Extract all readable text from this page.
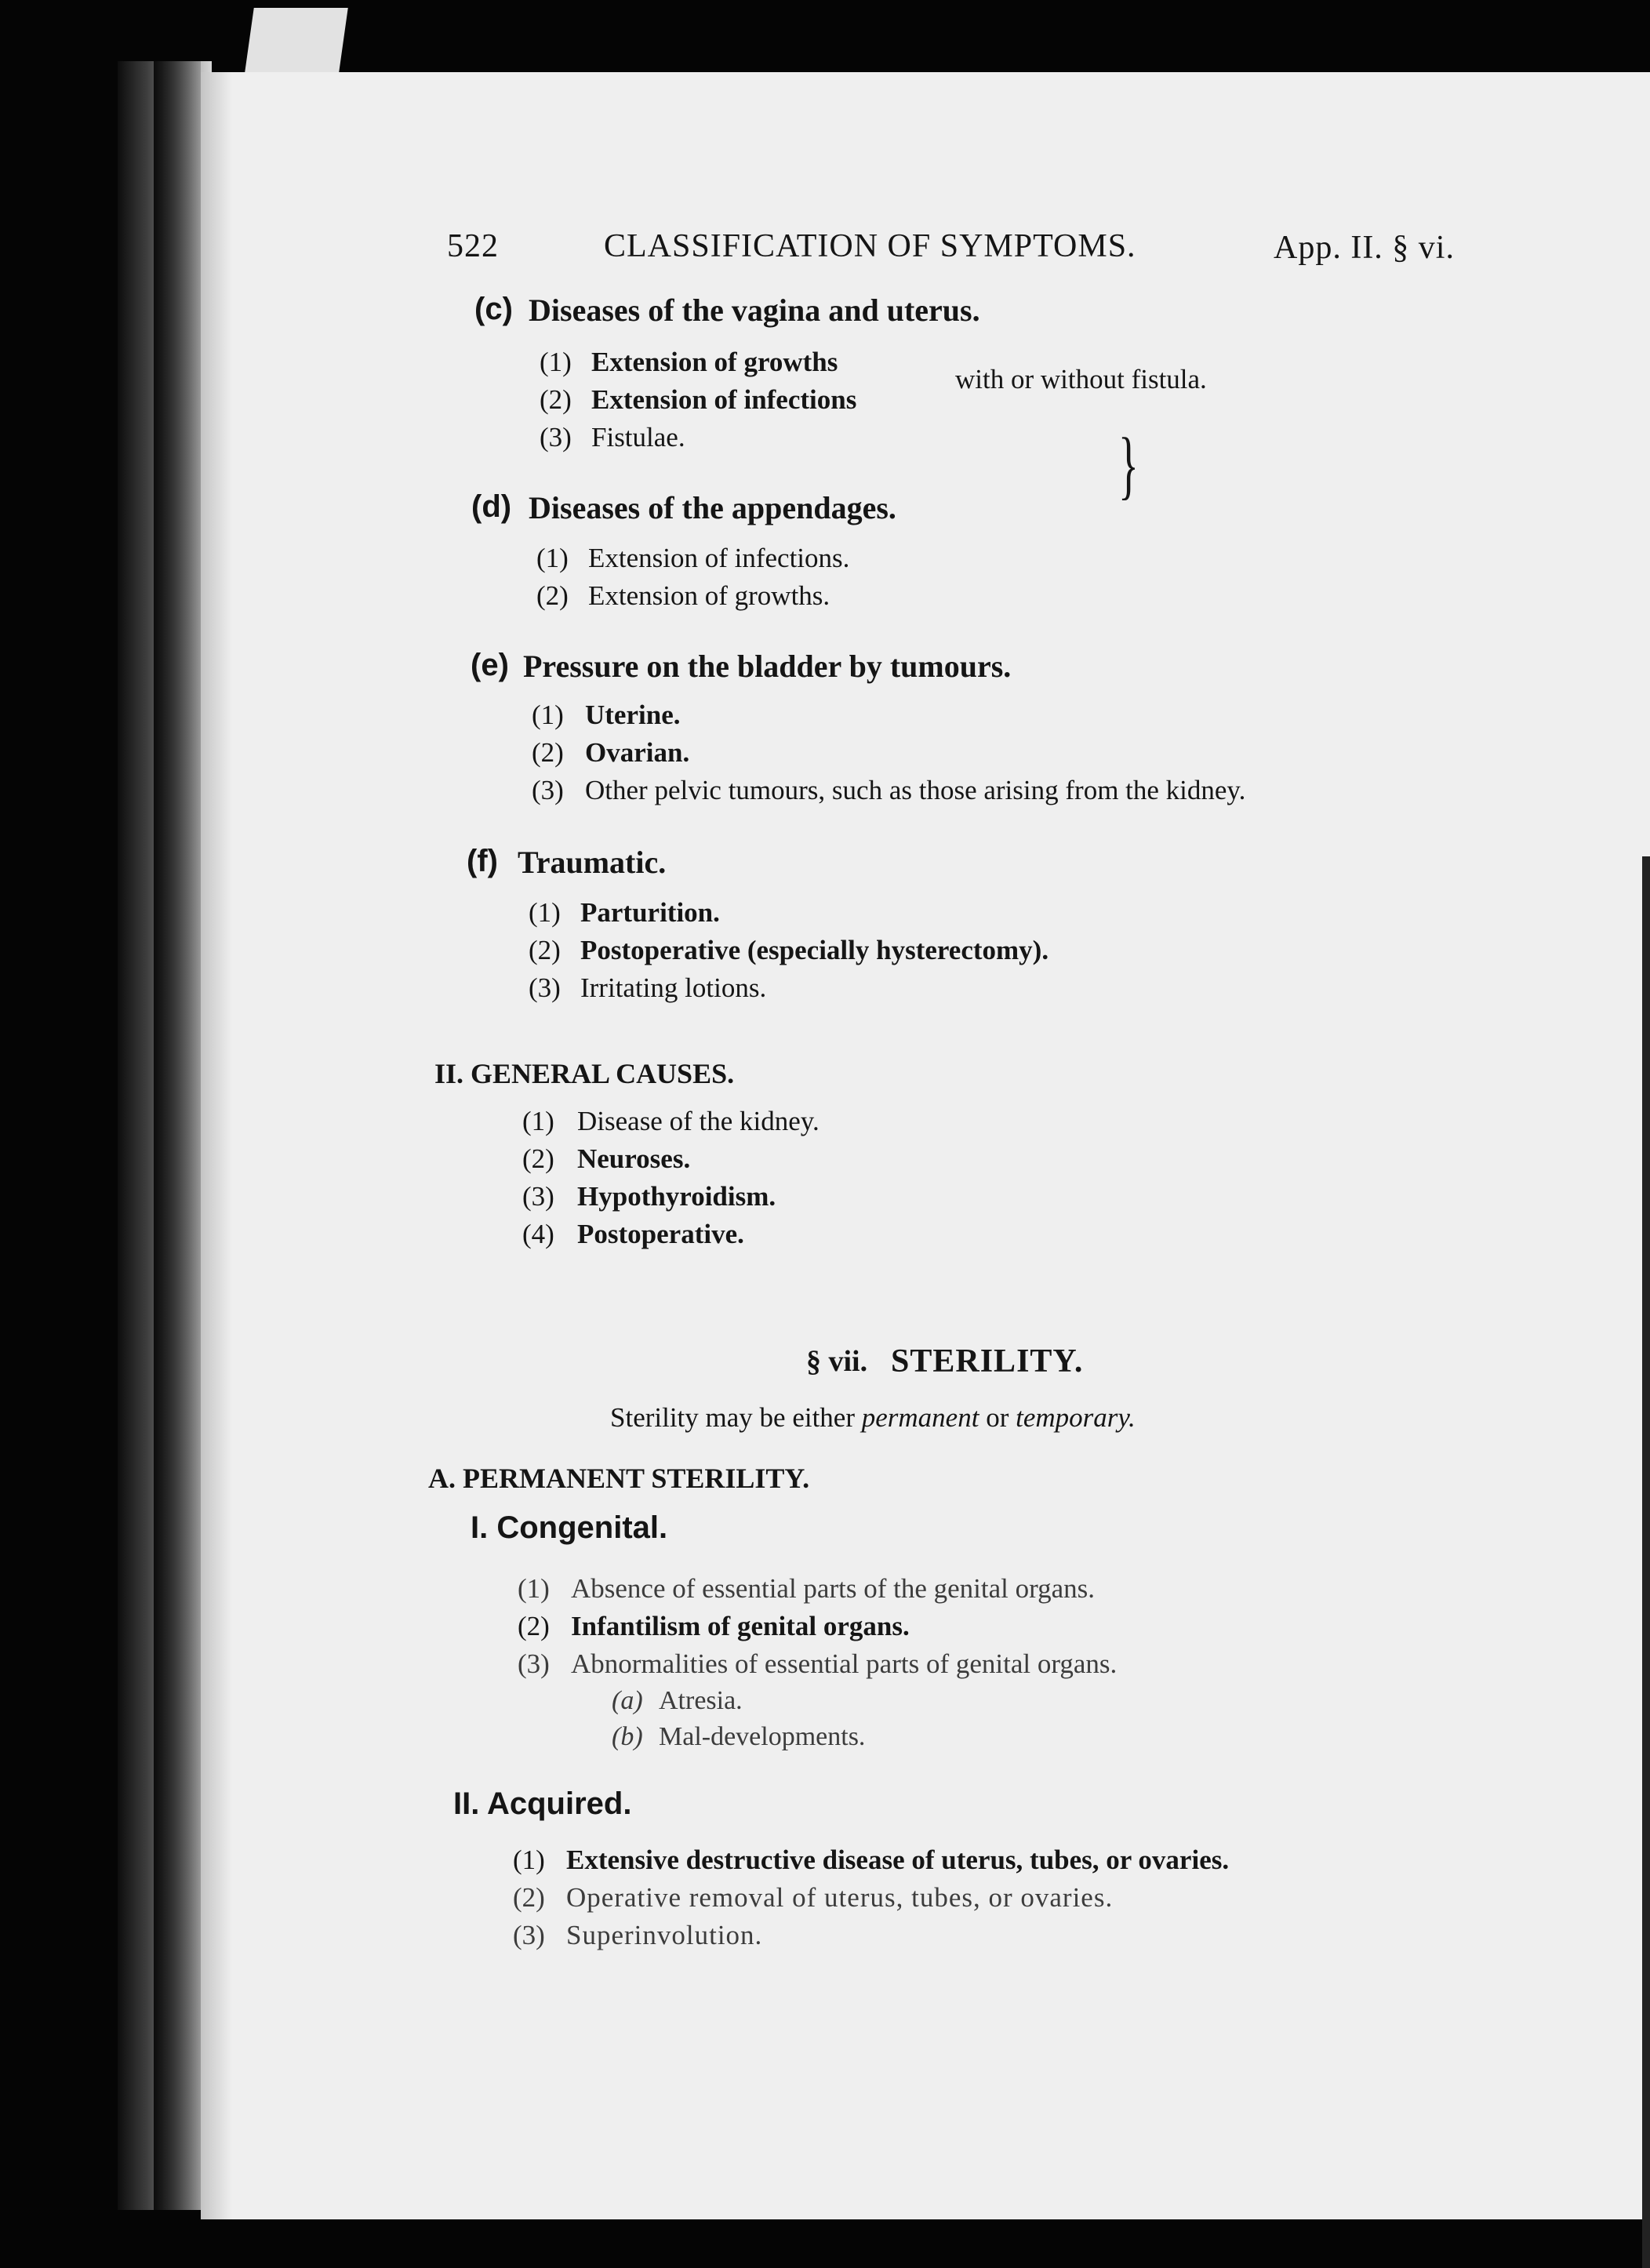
522	CLASSIFICATION OF SYMPTOMS.	App. II. § vi.

(c) Diseases of the vagina and uterus.

(1) Extension of growths

(2) Extension of infections

(3) Fistulae.	}

with or without fistula.

(d) Diseases of the appendages.

(1) Extension of infections.

(2) Extension of growths.

(e) Pressure on the bladder by tumours.

(1) Uterine.

(2) Ovarian.

(3) Other pelvic tumours, such as those arising from the kidney.

(f) Traumatic.

(1) Parturition.

(2) Postoperative (especially hysterectomy).

(3) Irritating lotions.

II. GENERAL CAUSES.

(1) Disease of the kidney.

(2) Neuroses.

(3) Hypothyroidism.

(4) Postoperative.

§ vii. STERILITY.

Sterility may be either permanent or temporary.

A. PERMANENT STERILITY.

I. Congenital.

(1) Absence of essential parts of the genital organs.

(2) Infantilism of genital organs.

(3) Abnormalities of essential parts of genital organs.

(a) Atresia.

(b) Mal-developments.

II. Acquired.

(1) Extensive destructive disease of uterus, tubes, or ovaries.

(2) Operative removal of uterus, tubes, or ovaries.

(3) Superinvolution.
